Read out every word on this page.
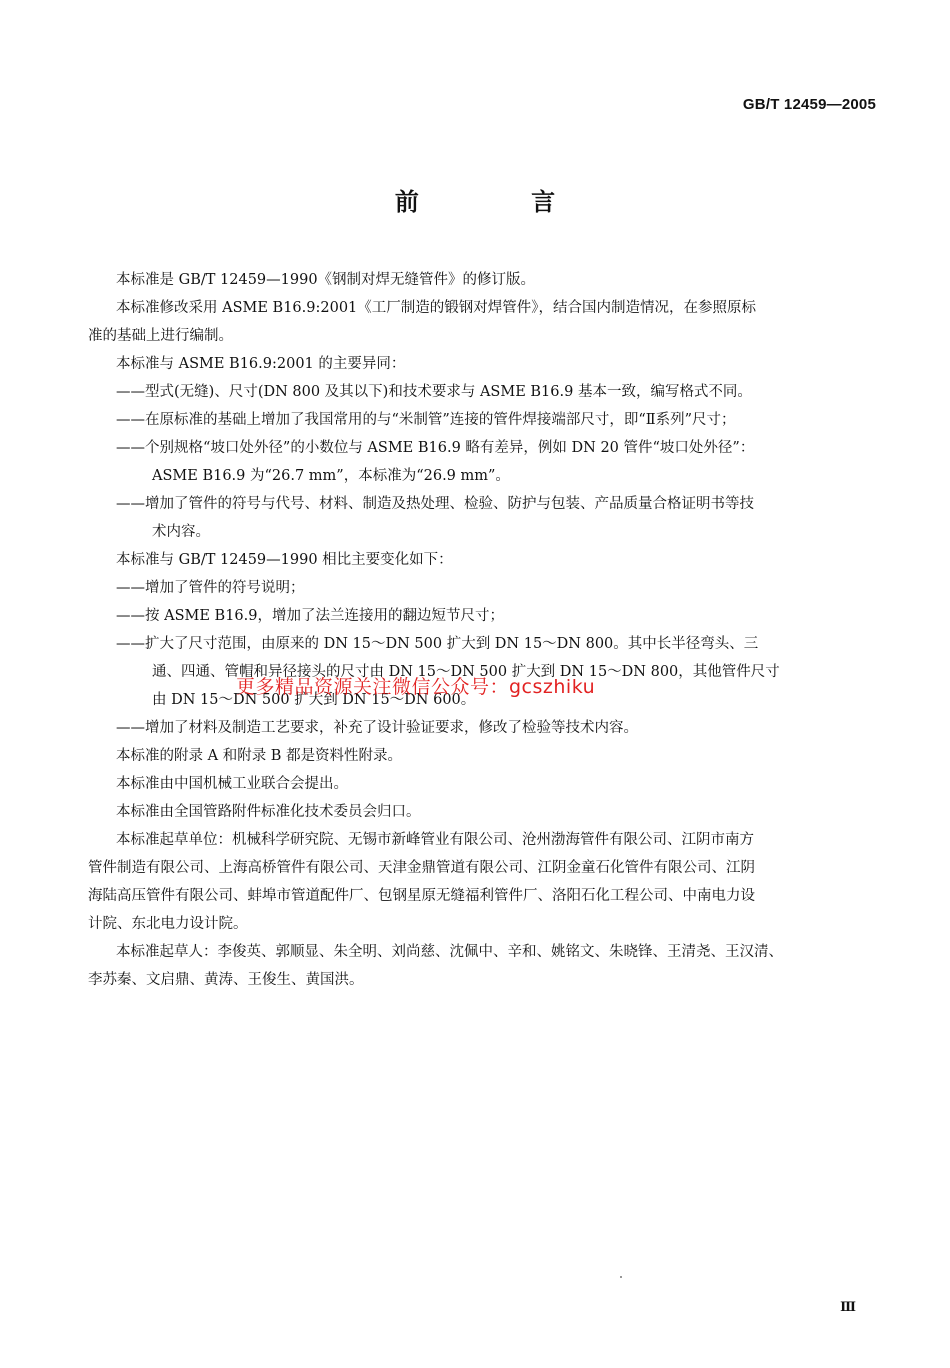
GB/T 12459—2005
前 言
本标准是 GB/T 12459—1990《钢制对焊无缝管件》的修订版。
本标准修改采用 ASME B16.9:2001《工厂制造的锻钢对焊管件》，结合国内制造情况，在参照原标
准的基础上进行编制。
本标准与 ASME B16.9:2001 的主要异同：
——型式(无缝)、尺寸(DN 800 及其以下)和技术要求与 ASME B16.9 基本一致，编写格式不同。
——在原标准的基础上增加了我国常用的与“米制管”连接的管件焊接端部尺寸，即“Ⅱ系列”尺寸；
——个别规格“坡口处外径”的小数位与 ASME B16.9 略有差异，例如 DN 20 管件“坡口处外径”：
ASME B16.9 为“26.7 mm”，本标准为“26.9 mm”。
——增加了管件的符号与代号、材料、制造及热处理、检验、防护与包装、产品质量合格证明书等技
术内容。
本标准与 GB/T 12459—1990 相比主要变化如下：
——增加了管件的符号说明；
——按 ASME B16.9，增加了法兰连接用的翻边短节尺寸；
——扩大了尺寸范围，由原来的 DN 15～DN 500 扩大到 DN 15～DN 800。其中长半径弯头、三
通、四通、管帽和异径接头的尺寸由 DN 15～DN 500 扩大到 DN 15～DN 800，其他管件尺寸
由 DN 15～DN 500 扩大到 DN 15～DN 600。
——增加了材料及制造工艺要求，补充了设计验证要求，修改了检验等技术内容。
本标准的附录 A 和附录 B 都是资料性附录。
本标准由中国机械工业联合会提出。
本标准由全国管路附件标准化技术委员会归口。
本标准起草单位：机械科学研究院、无锡市新峰管业有限公司、沧州渤海管件有限公司、江阴市南方
管件制造有限公司、上海高桥管件有限公司、天津金鼎管道有限公司、江阴金童石化管件有限公司、江阴
海陆高压管件有限公司、蚌埠市管道配件厂、包钢星原无缝福利管件厂、洛阳石化工程公司、中南电力设
计院、东北电力设计院。
本标准起草人：李俊英、郭顺显、朱全明、刘尚慈、沈佩中、辛和、姚铭文、朱晓锋、王清尧、王汉清、
李苏秦、文启鼎、黄涛、王俊生、黄国洪。
更多精品资源关注微信公众号：gcszhiku
Ⅲ
